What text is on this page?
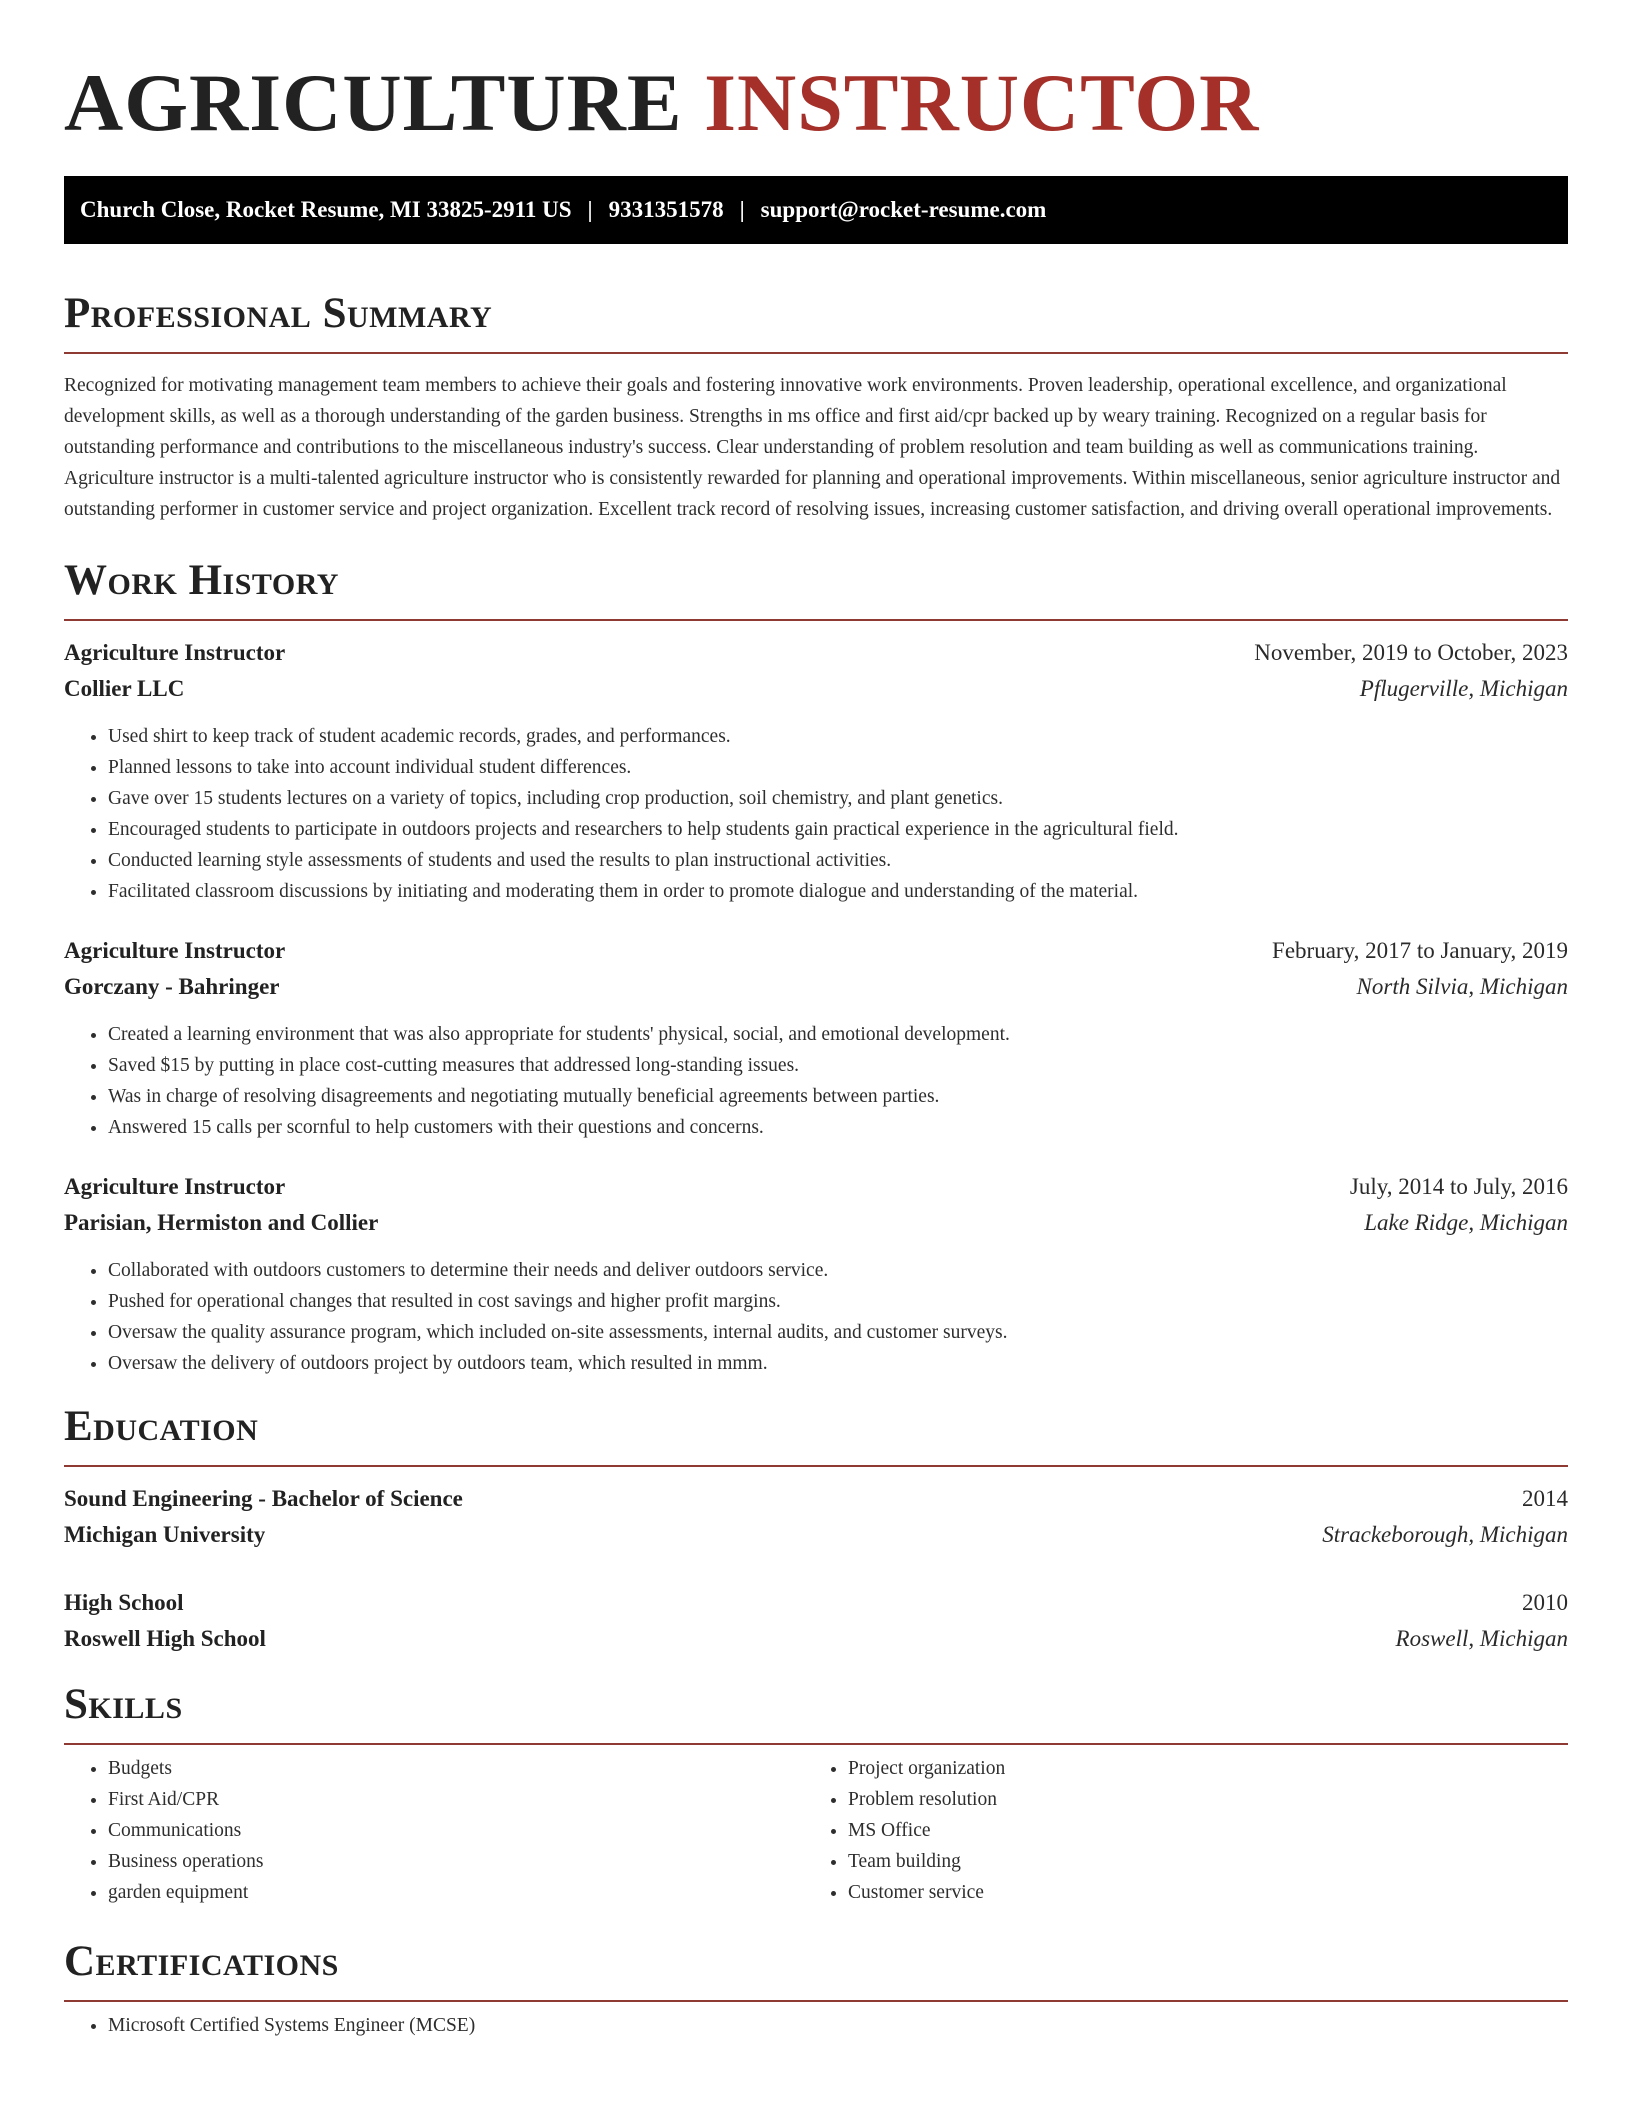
AGRICULTURE INSTRUCTOR
Church Close, Rocket Resume, MI 33825-2911 US | 9331351578 | support@rocket-resume.com
Professional Summary

Recognized for motivating management team members to achieve their goals and fostering innovative work environments. Proven leadership, operational excellence, and organizational development skills, as well as a thorough understanding of the garden business. Strengths in ms office and first aid/cpr backed up by weary training. Recognized on a regular basis for outstanding performance and contributions to the miscellaneous industry's success. Clear understanding of problem resolution and team building as well as communications training. Agriculture instructor is a multi-talented agriculture instructor who is consistently rewarded for planning and operational improvements. Within miscellaneous, senior agriculture instructor and outstanding performer in customer service and project organization. Excellent track record of resolving issues, increasing customer satisfaction, and driving overall operational improvements.

Work History
Agriculture Instructor	November, 2019 to October, 2023
Collier LLC	Pflugerville, Michigan
• Used shirt to keep track of student academic records, grades, and performances.
• Planned lessons to take into account individual student differences.
• Gave over 15 students lectures on a variety of topics, including crop production, soil chemistry, and plant genetics.
• Encouraged students to participate in outdoors projects and researchers to help students gain practical experience in the agricultural field.
• Conducted learning style assessments of students and used the results to plan instructional activities.
• Facilitated classroom discussions by initiating and moderating them in order to promote dialogue and understanding of the material.
Agriculture Instructor	February, 2017 to January, 2019
Gorczany - Bahringer	North Silvia, Michigan
• Created a learning environment that was also appropriate for students' physical, social, and emotional development.
• Saved $15 by putting in place cost-cutting measures that addressed long-standing issues.
• Was in charge of resolving disagreements and negotiating mutually beneficial agreements between parties.
• Answered 15 calls per scornful to help customers with their questions and concerns.
Agriculture Instructor	July, 2014 to July, 2016
Parisian, Hermiston and Collier	Lake Ridge, Michigan
• Collaborated with outdoors customers to determine their needs and deliver outdoors service.
• Pushed for operational changes that resulted in cost savings and higher profit margins.
• Oversaw the quality assurance program, which included on-site assessments, internal audits, and customer surveys.
• Oversaw the delivery of outdoors project by outdoors team, which resulted in mmm.
Education
Sound Engineering - Bachelor of Science	2014
Michigan University	Strackeborough, Michigan
High School	2010
Roswell High School	Roswell, Michigan
Skills
• Budgets
• First Aid/CPR
• Communications
• Business operations
• garden equipment
• Project organization
• Problem resolution
• MS Office
• Team building
• Customer service
Certifications
• Microsoft Certified Systems Engineer (MCSE)
